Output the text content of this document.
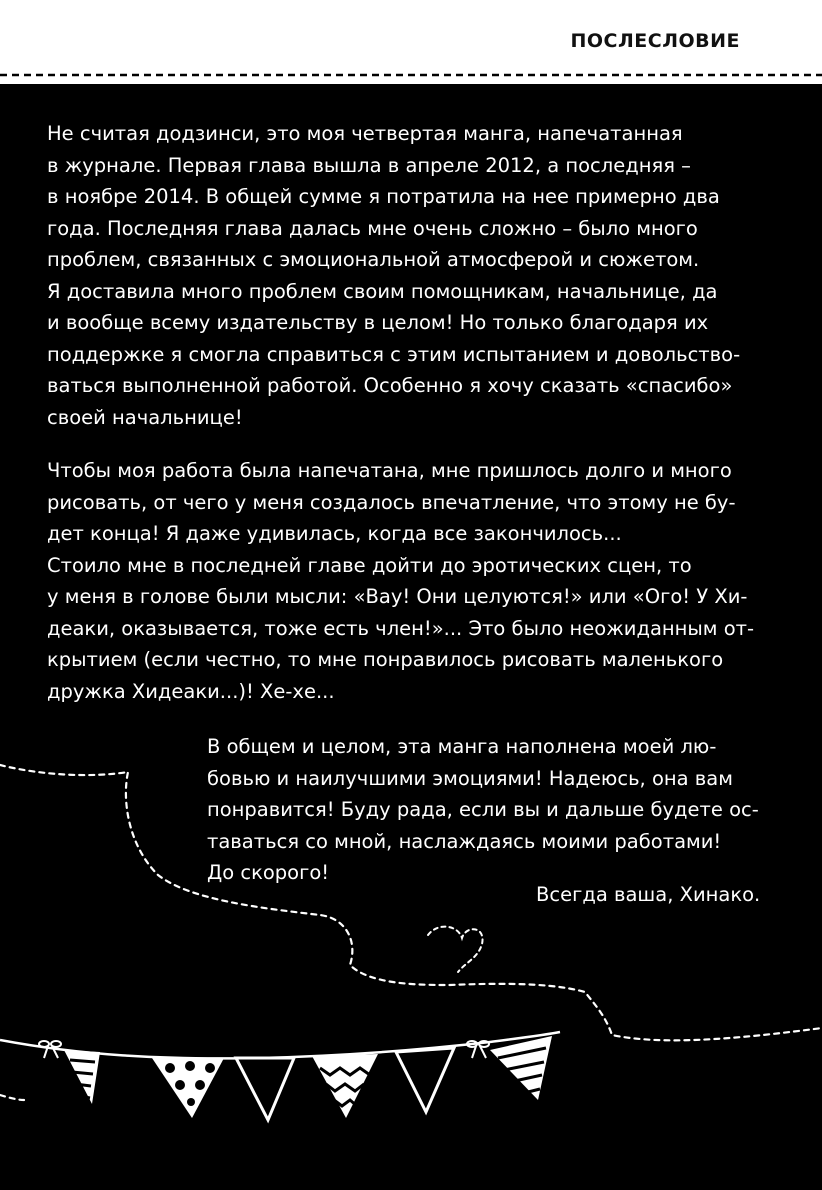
ПОСЛЕСЛОВИЕ
Не считая додзинси, это моя четвертая манга, напечатанная
в журнале. Первая глава вышла в апреле 2012, а последняя –
в ноябре 2014. В общей сумме я потратила на нее примерно два
года. Последняя глава далась мне очень сложно – было много
проблем, связанных с эмоциональной атмосферой и сюжетом.
Я доставила много проблем своим помощникам, начальнице, да
и вообще всему издательству в целом! Но только благодаря их
поддержке я смогла справиться с этим испытанием и довольство-
ваться выполненной работой. Особенно я хочу сказать «спасибо»
своей начальнице!
Чтобы моя работа была напечатана, мне пришлось долго и много
рисовать, от чего у меня создалось впечатление, что этому не бу-
дет конца! Я даже удивилась, когда все закончилось...
Стоило мне в последней главе дойти до эротических сцен, то
у меня в голове были мысли: «Вау! Они целуются!» или «Ого! У Хи-
деаки, оказывается, тоже есть член!»... Это было неожиданным от-
крытием (если честно, то мне понравилось рисовать маленького
дружка Хидеаки...)! Хе-хе...
В общем и целом, эта манга наполнена моей лю-
бовью и наилучшими эмоциями! Надеюсь, она вам
понравится! Буду рада, если вы и дальше будете ос-
таваться со мной, наслаждаясь моими работами!
До скорого!
Всегда ваша, Хинако.
